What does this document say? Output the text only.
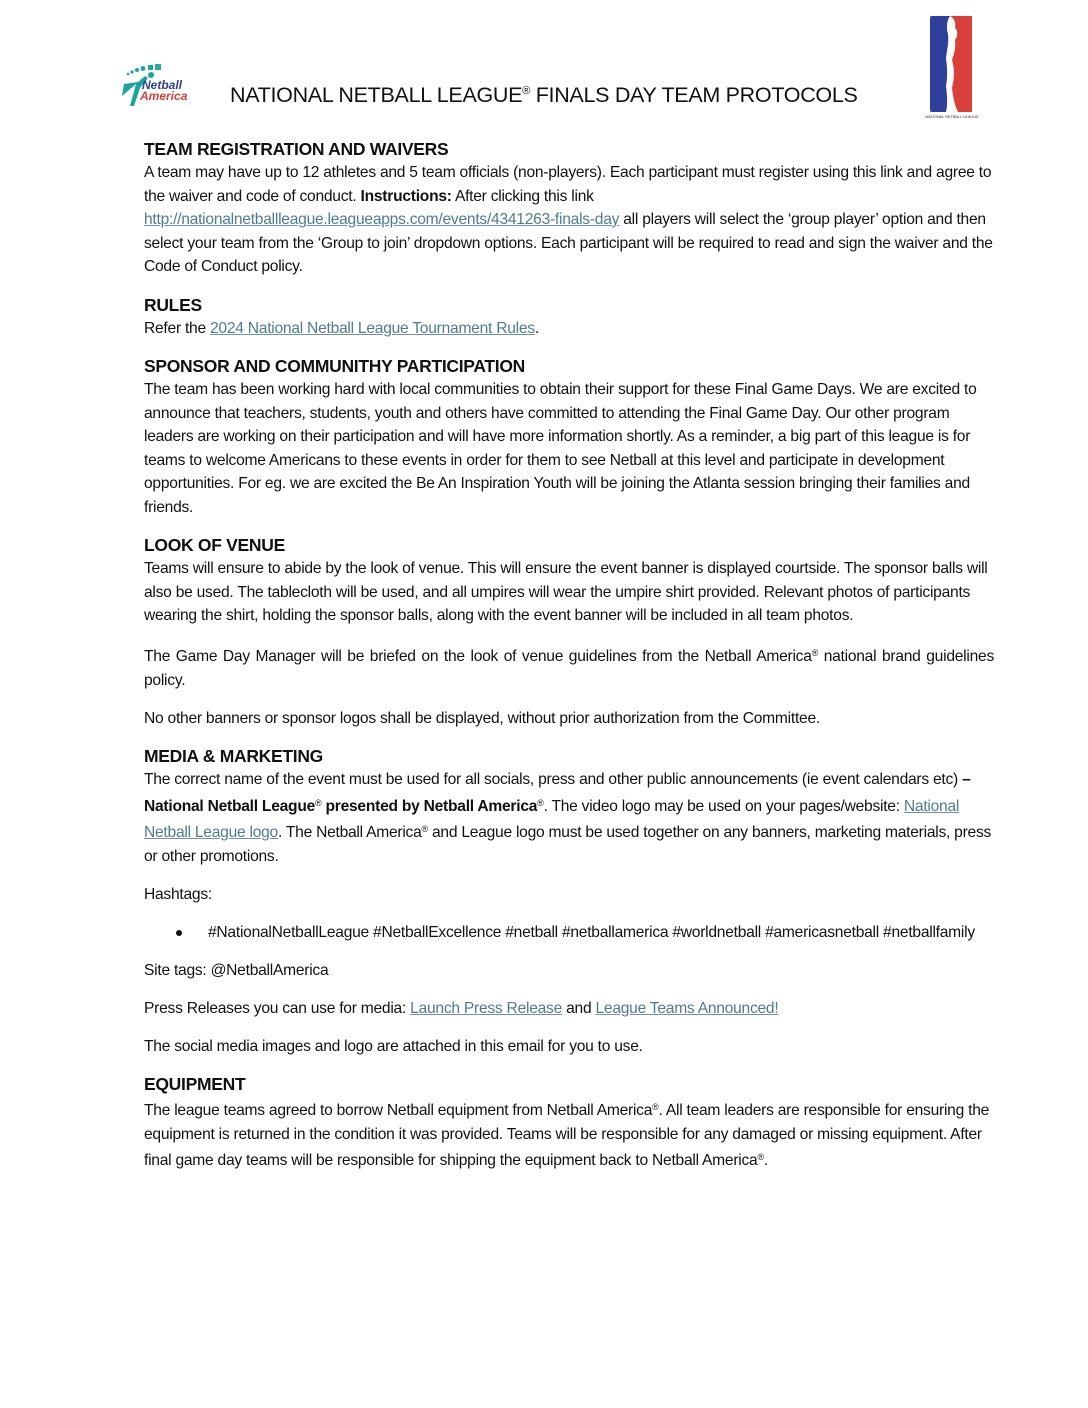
Netball
America NATIONAL NETBALL LEAGUE® FINALS DAY TEAM PROTOCOLS
NATIONAL NETBALL LEAGUE
TEAM REGISTRATION AND WAIVERS

A team may have up to 12 athletes and 5 team officials (non-players). Each participant must register using this link and agree to the waiver and code of conduct. Instructions: After clicking this link http://nationalnetballleague.leagueapps.com/events/4341263-finals-day all players will select the ‘group player’ option and then select your team from the ‘Group to join’ dropdown options. Each participant will be required to read and sign the waiver and the Code of Conduct policy.

RULES

Refer the 2024 National Netball League Tournament Rules.

SPONSOR AND COMMUNITHY PARTICIPATION

The team has been working hard with local communities to obtain their support for these Final Game Days. We are excited to announce that teachers, students, youth and others have committed to attending the Final Game Day. Our other program leaders are working on their participation and will have more information shortly. As a reminder, a big part of this league is for teams to welcome Americans to these events in order for them to see Netball at this level and participate in development opportunities. For eg. we are excited the Be An Inspiration Youth will be joining the Atlanta session bringing their families and friends.

LOOK OF VENUE

Teams will ensure to abide by the look of venue. This will ensure the event banner is displayed courtside. The sponsor balls will also be used. The tablecloth will be used, and all umpires will wear the umpire shirt provided. Relevant photos of participants wearing the shirt, holding the sponsor balls, along with the event banner will be included in all team photos.

The Game Day Manager will be briefed on the look of venue guidelines from the Netball America® national brand guidelines policy.

No other banners or sponsor logos shall be displayed, without prior authorization from the Committee.

MEDIA & MARKETING

The correct name of the event must be used for all socials, press and other public announcements (ie event calendars etc) – National Netball League® presented by Netball America®. The video logo may be used on your pages/website: National Netball League logo. The Netball America® and League logo must be used together on any banners, marketing materials, press or other promotions.

Hashtags:

#NationalNetballLeague #NetballExcellence #netball #netballamerica #worldnetball #americasnetball #netballfamily

Site tags: @NetballAmerica

Press Releases you can use for media: Launch Press Release and League Teams Announced!

The social media images and logo are attached in this email for you to use.

EQUIPMENT

The league teams agreed to borrow Netball equipment from Netball America®. All team leaders are responsible for ensuring the equipment is returned in the condition it was provided. Teams will be responsible for any damaged or missing equipment. After final game day teams will be responsible for shipping the equipment back to Netball America®.
